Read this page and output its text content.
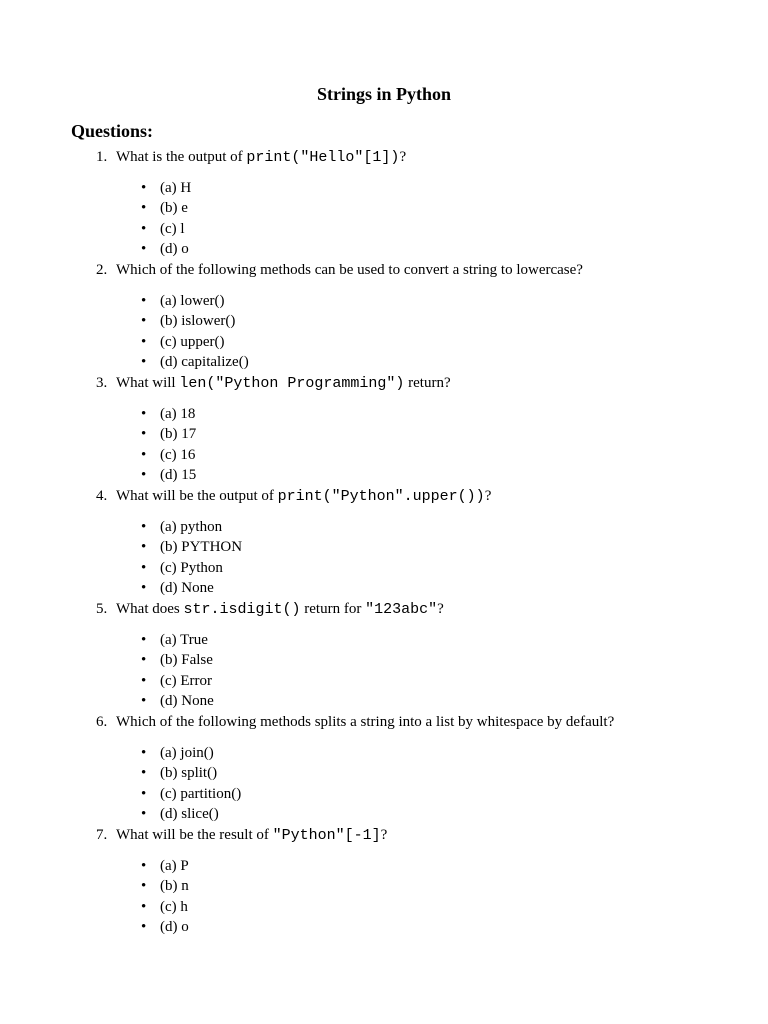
Strings in Python
Questions:
1. What is the output of print("Hello"[1])?
• (a) H
• (b) e
• (c) l
• (d) o
2. Which of the following methods can be used to convert a string to lowercase?
• (a) lower()
• (b) islower()
• (c) upper()
• (d) capitalize()
3. What will len("Python Programming") return?
• (a) 18
• (b) 17
• (c) 16
• (d) 15
4. What will be the output of print("Python".upper())?
• (a) python
• (b) PYTHON
• (c) Python
• (d) None
5. What does str.isdigit() return for "123abc"?
• (a) True
• (b) False
• (c) Error
• (d) None
6. Which of the following methods splits a string into a list by whitespace by default?
• (a) join()
• (b) split()
• (c) partition()
• (d) slice()
7. What will be the result of "Python"[-1]?
• (a) P
• (b) n
• (c) h
• (d) o
